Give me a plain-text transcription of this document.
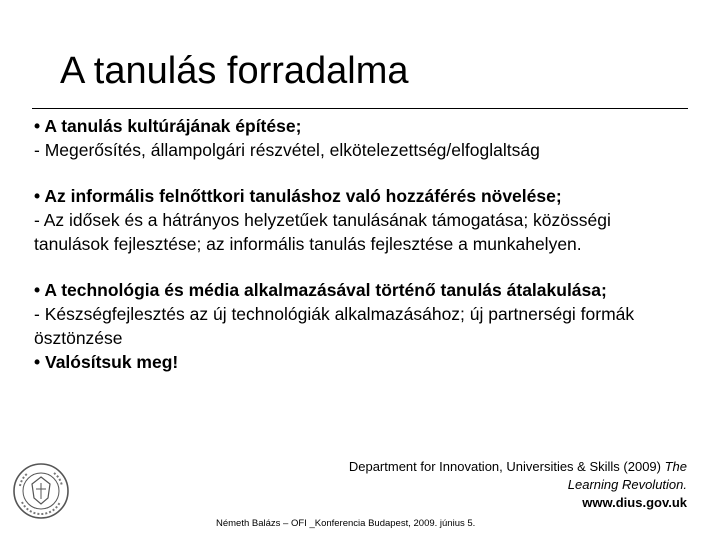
A tanulás forradalma

• A tanulás kultúrájának építése;

- Megerősítés, állampolgári részvétel, elkötelezettség/elfoglaltság

• Az informális felnőttkori tanuláshoz való hozzáférés növelése;

- Az idősek és a hátrányos helyzetűek tanulásának támogatása; közösségi tanulások fejlesztése; az informális tanulás fejlesztése a munkahelyen.

• A technológia és média alkalmazásával történő tanulás átalakulása;

- Készségfejlesztés az új technológiák alkalmazásához; új partnerségi formák ösztönzése

• Valósítsuk meg!

Department for Innovation, Universities & Skills (2009) The
Learning Revolution.
www.dius.gov.uk
Németh Balázs – OFI _Konferencia Budapest, 2009. június 5.
